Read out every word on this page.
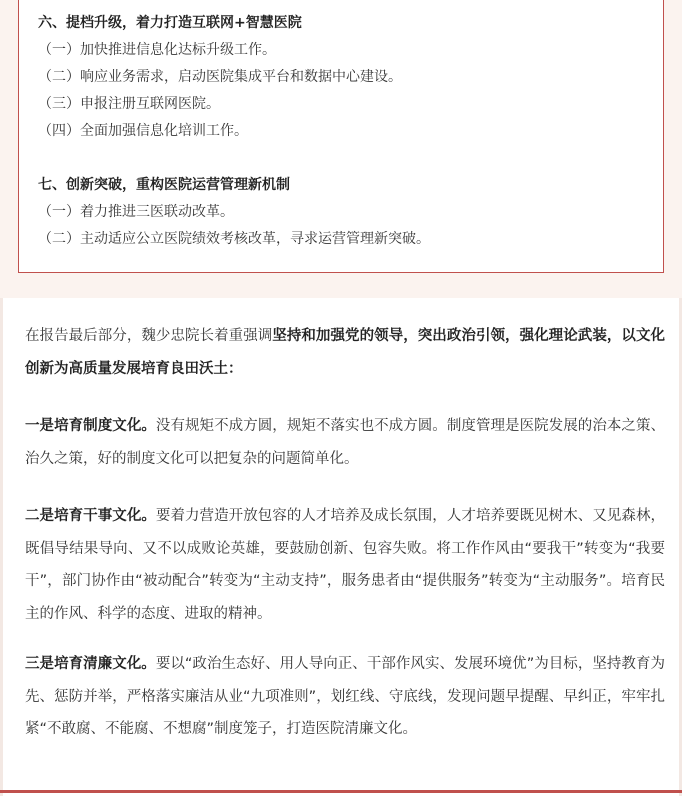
六、提档升级，着力打造互联网+智慧医院
（一）加快推进信息化达标升级工作。
（二）响应业务需求，启动医院集成平台和数据中心建设。
（三）申报注册互联网医院。
（四）全面加强信息化培训工作。
七、创新突破，重构医院运营管理新机制
（一）着力推进三医联动改革。
（二）主动适应公立医院绩效考核改革，寻求运营管理新突破。
在报告最后部分，魏少忠院长着重强调坚持和加强党的领导，突出政治引领，强化理论武装，以文化创新为高质量发展培育良田沃土：
一是培育制度文化。没有规矩不成方圆，规矩不落实也不成方圆。制度管理是医院发展的治本之策、治久之策，好的制度文化可以把复杂的问题简单化。
二是培育干事文化。要着力营造开放包容的人才培养及成长氛围，人才培养要既见树木、又见森林，既倡导结果导向、又不以成败论英雄，要鼓励创新、包容失败。将工作作风由“要我干”转变为“我要干”，部门协作由“被动配合”转变为“主动支持”，服务患者由“提供服务”转变为“主动服务”。培育民主的作风、科学的态度、进取的精神。
三是培育清廉文化。要以“政治生态好、用人导向正、干部作风实、发展环境优”为目标，坚持教育为先、惩防并举，严格落实廉洁从业“九项准则”，划红线、守底线，发现问题早提醒、早纠正，牢牢扎紧“不敢腐、不能腐、不想腐”制度笼子，打造医院清廉文化。
